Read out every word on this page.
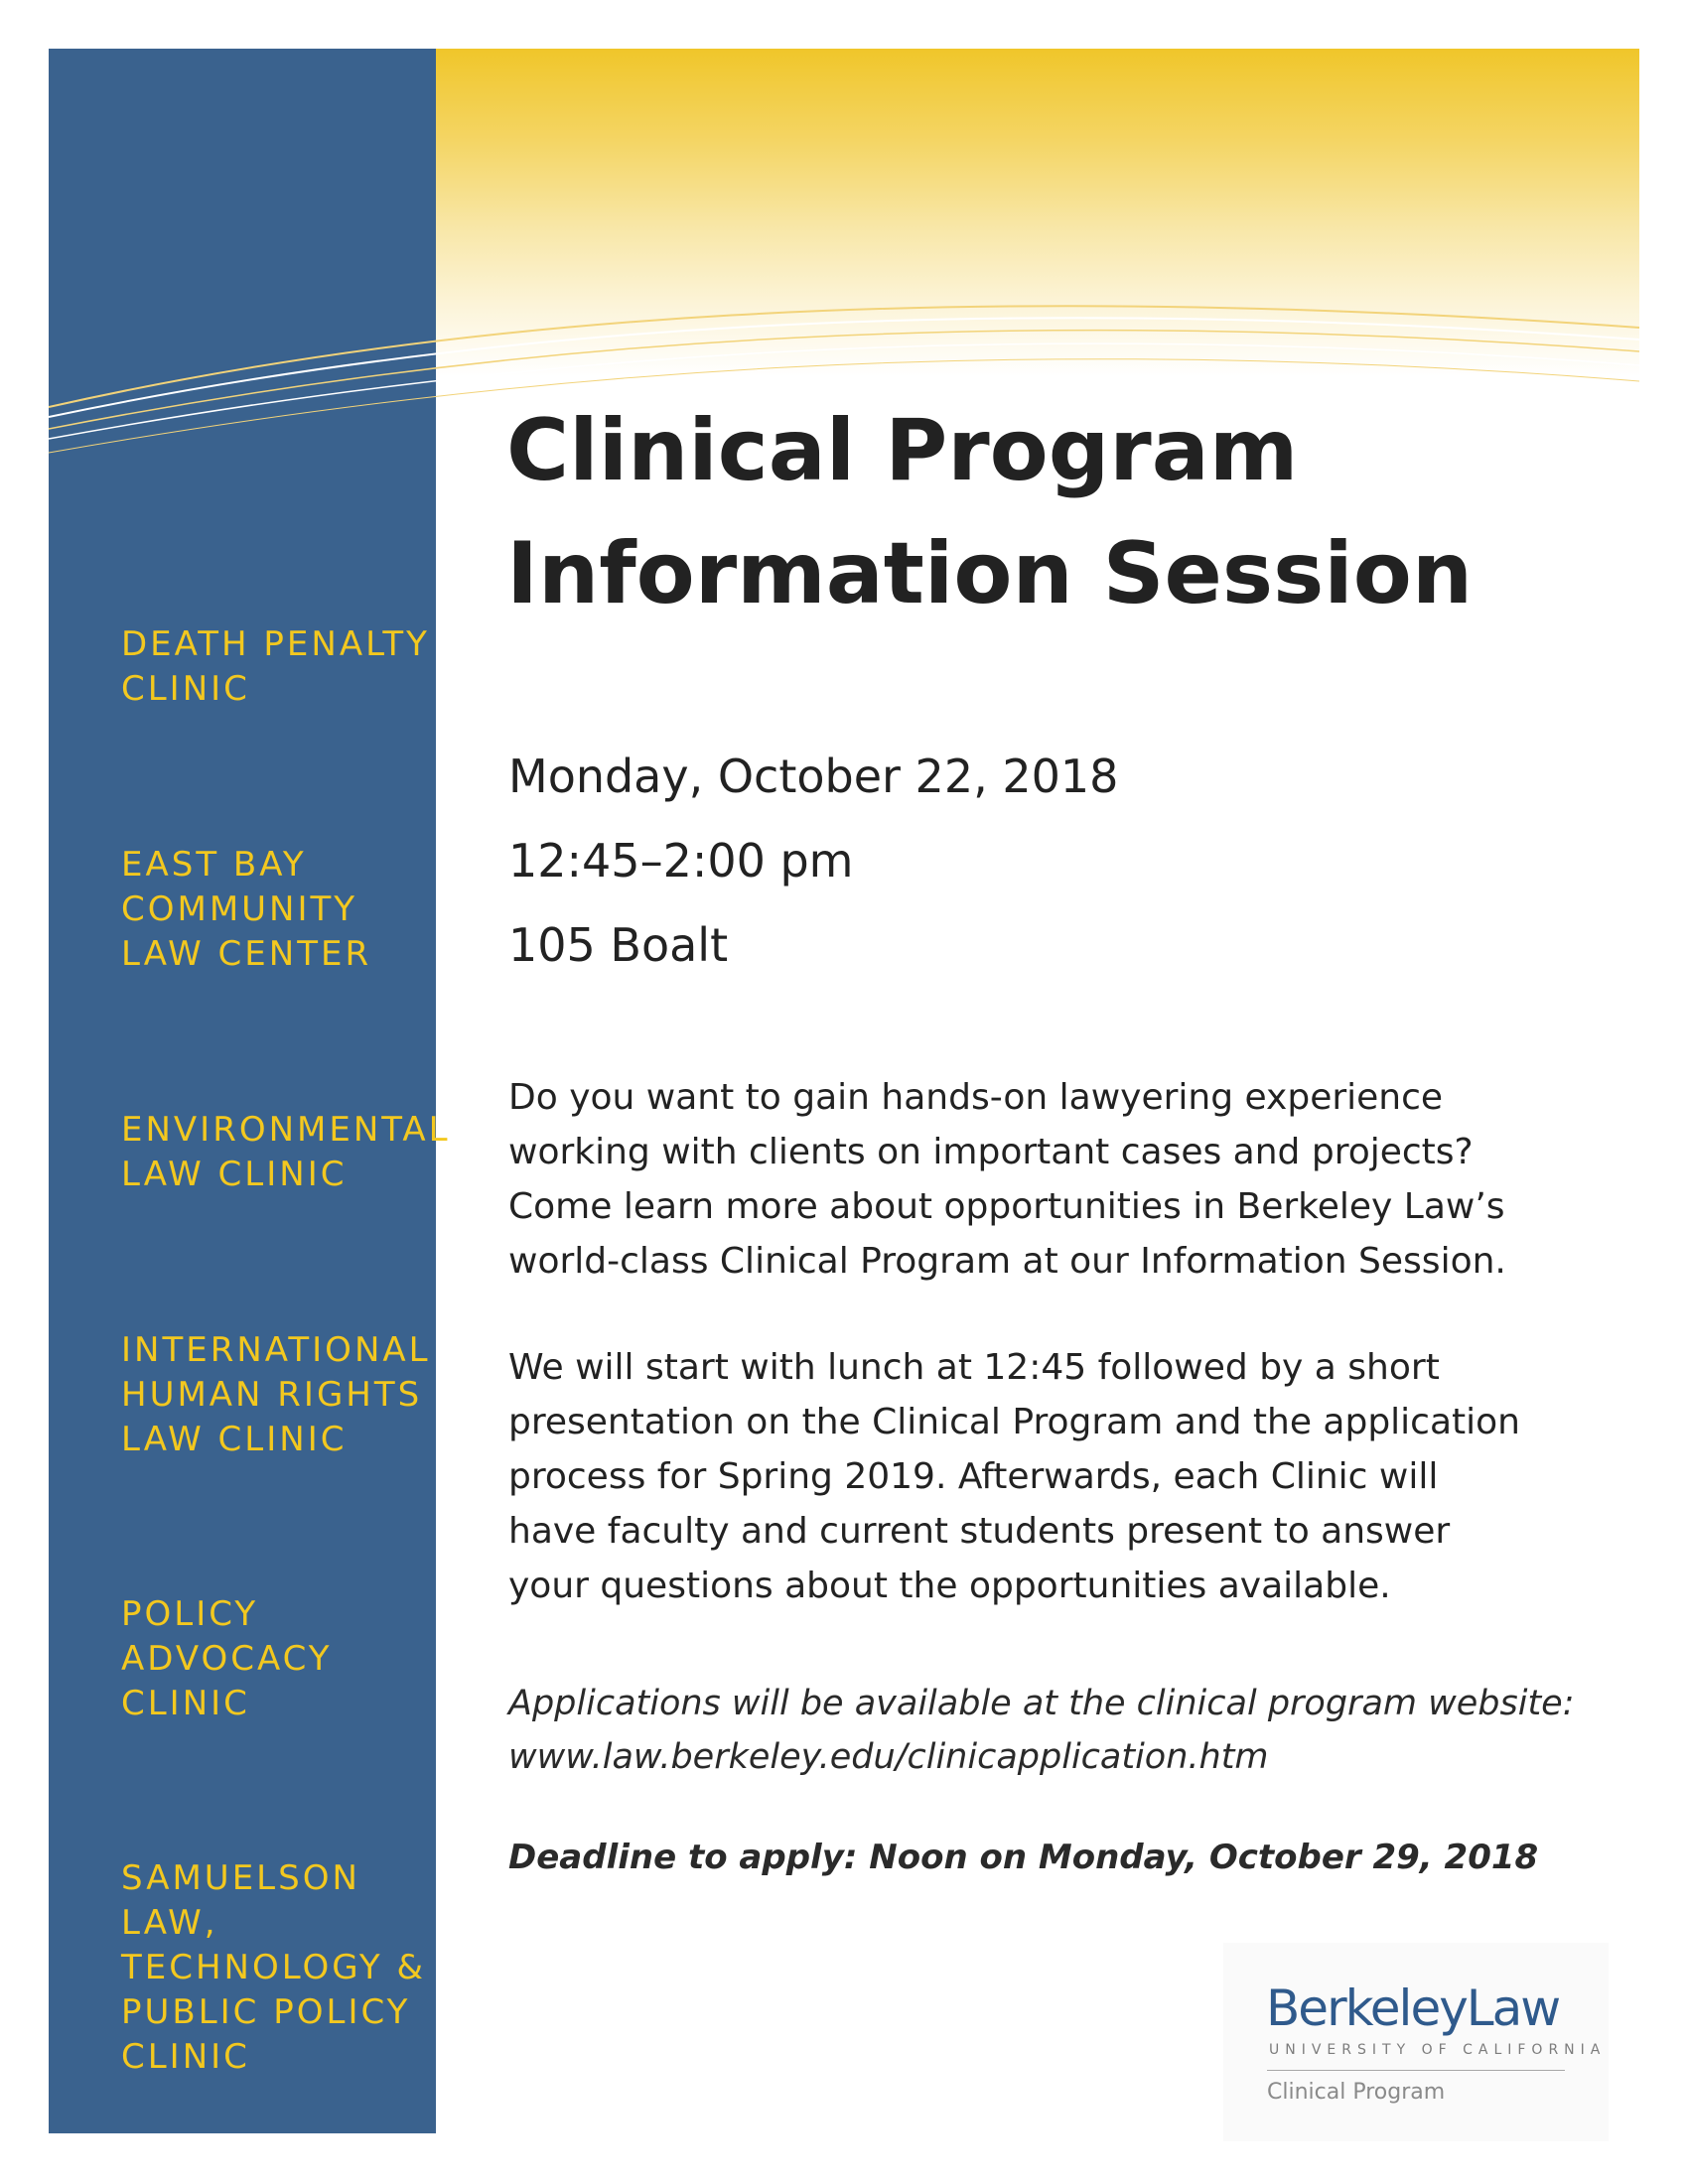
DEATH PENALTY
CLINIC
EAST BAY
COMMUNITY
LAW CENTER
ENVIRONMENTAL
LAW CLINIC
INTERNATIONAL
HUMAN RIGHTS
LAW CLINIC
POLICY
ADVOCACY
CLINIC
SAMUELSON LAW,
TECHNOLOGY &
PUBLIC POLICY
CLINIC
Clinical Program
Information Session
Monday, October 22, 2018
12:45–2:00 pm
105 Boalt

Do you want to gain hands-on lawyering experience
working with clients on important cases and projects?
Come learn more about opportunities in Berkeley Law’s
world-class Clinical Program at our Information Session.

We will start with lunch at 12:45 followed by a short
presentation on the Clinical Program and the application
process for Spring 2019. Afterwards, each Clinic will
have faculty and current students present to answer
your questions about the opportunities available.

Applications will be available at the clinical program website:
www.law.berkeley.edu/clinicapplication.htm
Deadline to apply: Noon on Monday, October 29, 2018
BerkeleyLaw
UNIVERSITY OF CALIFORNIA
Clinical Program
